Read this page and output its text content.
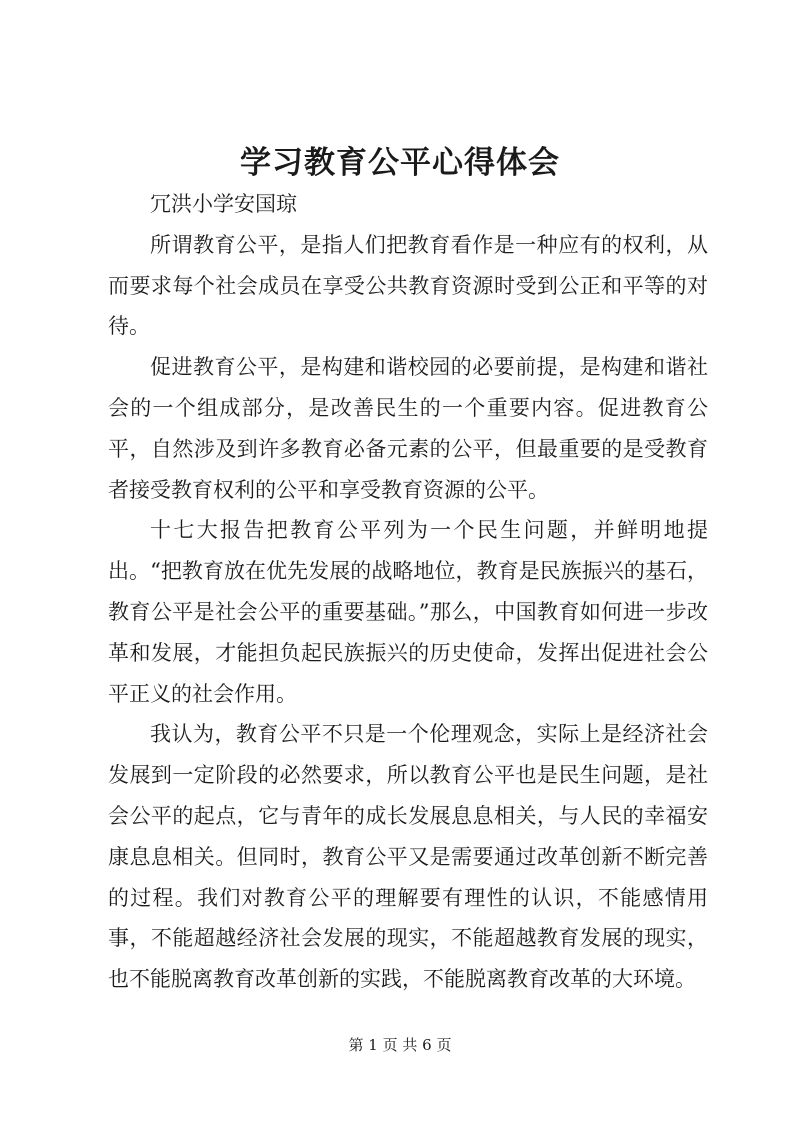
学习教育公平心得体会

冗洪小学安国琼

所谓教育公平，是指人们把教育看作是一种应有的权利，从而要求每个社会成员在享受公共教育资源时受到公正和平等的对待。

促进教育公平，是构建和谐校园的必要前提，是构建和谐社会的一个组成部分，是改善民生的一个重要内容。促进教育公平，自然涉及到许多教育必备元素的公平，但最重要的是受教育者接受教育权利的公平和享受教育资源的公平。

十七大报告把教育公平列为一个民生问题，并鲜明地提出。“把教育放在优先发展的战略地位，教育是民族振兴的基石，教育公平是社会公平的重要基础。”那么，中国教育如何进一步改革和发展，才能担负起民族振兴的历史使命，发挥出促进社会公平正义的社会作用。

我认为，教育公平不只是一个伦理观念，实际上是经济社会发展到一定阶段的必然要求，所以教育公平也是民生问题，是社会公平的起点，它与青年的成长发展息息相关，与人民的幸福安康息息相关。但同时，教育公平又是需要通过改革创新不断完善的过程。我们对教育公平的理解要有理性的认识，不能感情用事，不能超越经济社会发展的现实，不能超越教育发展的现实，也不能脱离教育改革创新的实践，不能脱离教育改革的大环境。

第 1 页 共 6 页
